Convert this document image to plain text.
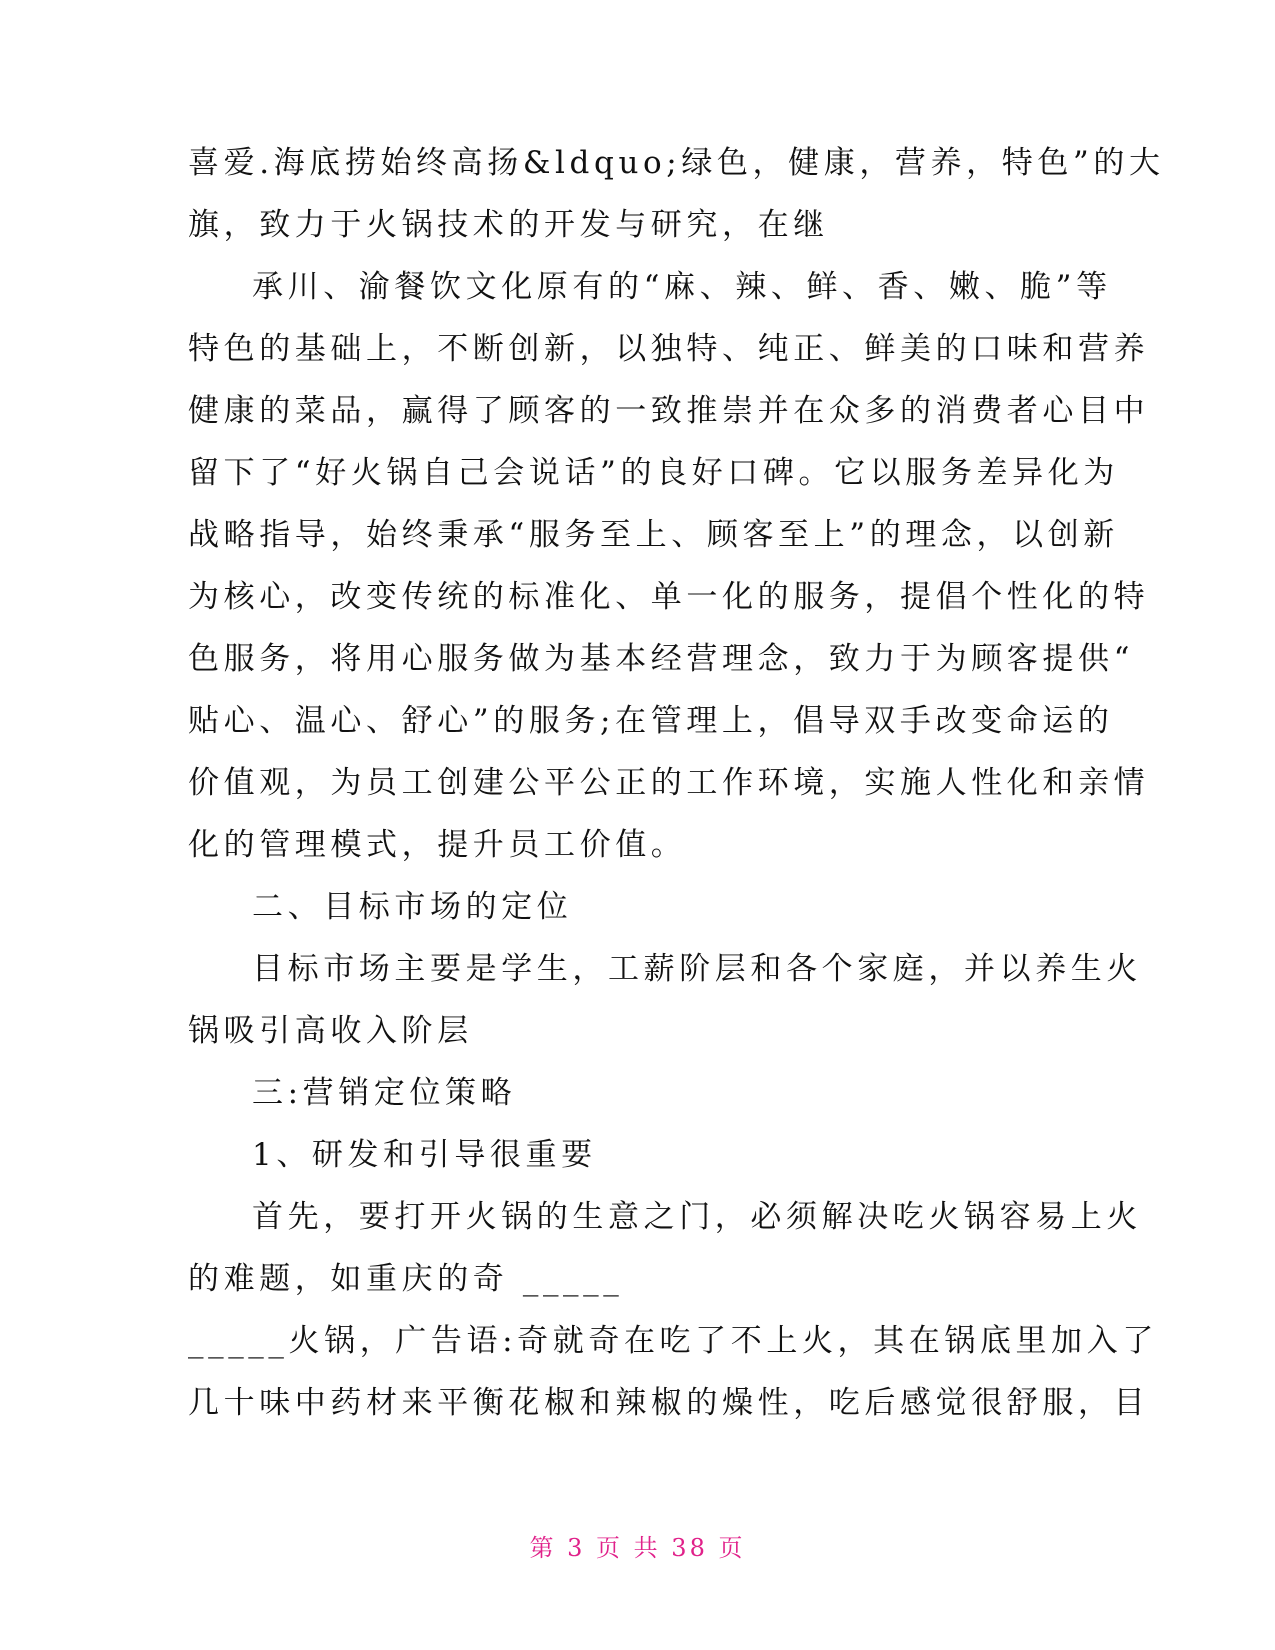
喜爱.海底捞始终高扬&ldquo;绿色，健康，营养，特色”的大
旗，致力于火锅技术的开发与研究，在继
承川、渝餐饮文化原有的“麻、辣、鲜、香、嫩、脆”等
特色的基础上，不断创新，以独特、纯正、鲜美的口味和营养
健康的菜品，赢得了顾客的一致推崇并在众多的消费者心目中
留下了“好火锅自己会说话”的良好口碑。它以服务差异化为
战略指导，始终秉承“服务至上、顾客至上”的理念，以创新
为核心，改变传统的标准化、单一化的服务，提倡个性化的特
色服务，将用心服务做为基本经营理念，致力于为顾客提供“
贴心、温心、舒心”的服务;在管理上，倡导双手改变命运的
价值观，为员工创建公平公正的工作环境，实施人性化和亲情
化的管理模式，提升员工价值。
二、目标市场的定位
目标市场主要是学生，工薪阶层和各个家庭，并以养生火
锅吸引高收入阶层
三:营销定位策略
1、研发和引导很重要
首先，要打开火锅的生意之门，必须解决吃火锅容易上火
的难题，如重庆的奇 _____
_____火锅，广告语:奇就奇在吃了不上火，其在锅底里加入了
几十味中药材来平衡花椒和辣椒的燥性，吃后感觉很舒服，目
第 3 页 共 38 页
